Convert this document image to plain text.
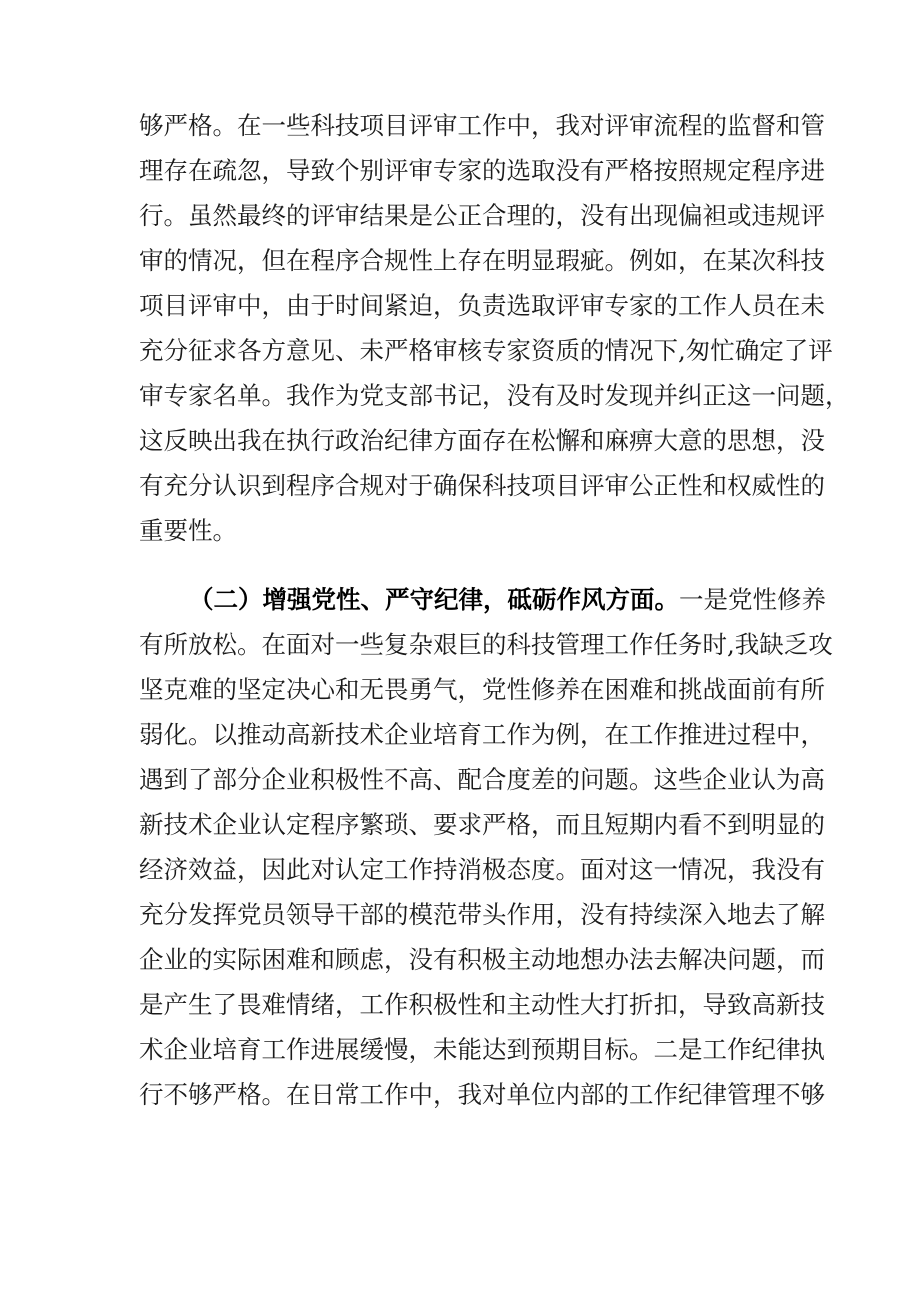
够严格。在一些科技项目评审工作中，我对评审流程的监督和管
理存在疏忽，导致个别评审专家的选取没有严格按照规定程序进
行。虽然最终的评审结果是公正合理的，没有出现偏袒或违规评
审的情况，但在程序合规性上存在明显瑕疵。例如，在某次科技
项目评审中，由于时间紧迫，负责选取评审专家的工作人员在未
充分征求各方意见、未严格审核专家资质的情况下,匆忙确定了评
审专家名单。我作为党支部书记，没有及时发现并纠正这一问题，
这反映出我在执行政治纪律方面存在松懈和麻痹大意的思想，没
有充分认识到程序合规对于确保科技项目评审公正性和权威性的
重要性。
（二）增强党性、严守纪律，砥砺作风方面。一是党性修养
有所放松。在面对一些复杂艰巨的科技管理工作任务时,我缺乏攻
坚克难的坚定决心和无畏勇气，党性修养在困难和挑战面前有所
弱化。以推动高新技术企业培育工作为例，在工作推进过程中，
遇到了部分企业积极性不高、配合度差的问题。这些企业认为高
新技术企业认定程序繁琐、要求严格，而且短期内看不到明显的
经济效益，因此对认定工作持消极态度。面对这一情况，我没有
充分发挥党员领导干部的模范带头作用，没有持续深入地去了解
企业的实际困难和顾虑，没有积极主动地想办法去解决问题，而
是产生了畏难情绪，工作积极性和主动性大打折扣，导致高新技
术企业培育工作进展缓慢，未能达到预期目标。二是工作纪律执
行不够严格。在日常工作中，我对单位内部的工作纪律管理不够
